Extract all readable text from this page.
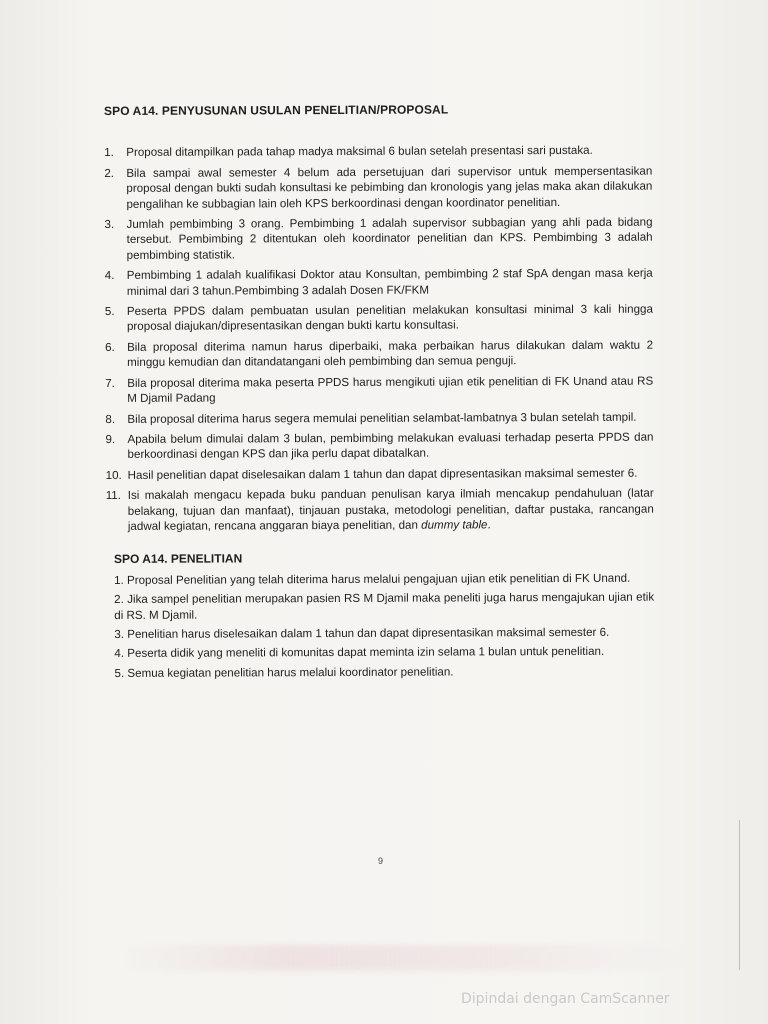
SPO A14. PENYUSUNAN USULAN PENELITIAN/PROPOSAL
1. Proposal ditampilkan pada tahap madya maksimal 6 bulan setelah presentasi sari pustaka.
2. Bila sampai awal semester 4 belum ada persetujuan dari supervisor untuk mempersentasikan proposal dengan bukti sudah konsultasi ke pebimbing dan kronologis yang jelas maka akan dilakukan pengalihan ke subbagian lain oleh KPS berkoordinasi dengan koordinator penelitian.
3. Jumlah pembimbing 3 orang. Pembimbing 1 adalah supervisor subbagian yang ahli pada bidang tersebut. Pembimbing 2 ditentukan oleh koordinator penelitian dan KPS. Pembimbing 3 adalah pembimbing statistik.
4. Pembimbing 1 adalah kualifikasi Doktor atau Konsultan, pembimbing 2 staf SpA dengan masa kerja minimal dari 3 tahun.Pembimbing 3 adalah Dosen FK/FKM
5. Peserta PPDS dalam pembuatan usulan penelitian melakukan konsultasi minimal 3 kali hingga proposal diajukan/dipresentasikan dengan bukti kartu konsultasi.
6. Bila proposal diterima namun harus diperbaiki, maka perbaikan harus dilakukan dalam waktu 2 minggu kemudian dan ditandatangani oleh pembimbing dan semua penguji.
7. Bila proposal diterima maka peserta PPDS harus mengikuti ujian etik penelitian di FK Unand atau RS M Djamil Padang
8. Bila proposal diterima harus segera memulai penelitian selambat-lambatnya 3 bulan setelah tampil.
9. Apabila belum dimulai dalam 3 bulan, pembimbing melakukan evaluasi terhadap peserta PPDS dan berkoordinasi dengan KPS dan jika perlu dapat dibatalkan.
10. Hasil penelitian dapat diselesaikan dalam 1 tahun dan dapat dipresentasikan maksimal semester 6.
11. Isi makalah mengacu kepada buku panduan penulisan karya ilmiah mencakup pendahuluan (latar belakang, tujuan dan manfaat), tinjauan pustaka, metodologi penelitian, daftar pustaka, rancangan jadwal kegiatan, rencana anggaran biaya penelitian, dan dummy table.
SPO A14. PENELITIAN

1. Proposal Penelitian yang telah diterima harus melalui pengajuan ujian etik penelitian di FK Unand.

2. Jika sampel penelitian merupakan pasien RS M Djamil maka peneliti juga harus mengajukan ujian etik di RS. M Djamil.

3. Penelitian harus diselesaikan dalam 1 tahun dan dapat dipresentasikan maksimal semester 6.

4. Peserta didik yang meneliti di komunitas dapat meminta izin selama 1 bulan untuk penelitian.

5. Semua kegiatan penelitian harus melalui koordinator penelitian.

9
Dipindai dengan CamScanner
